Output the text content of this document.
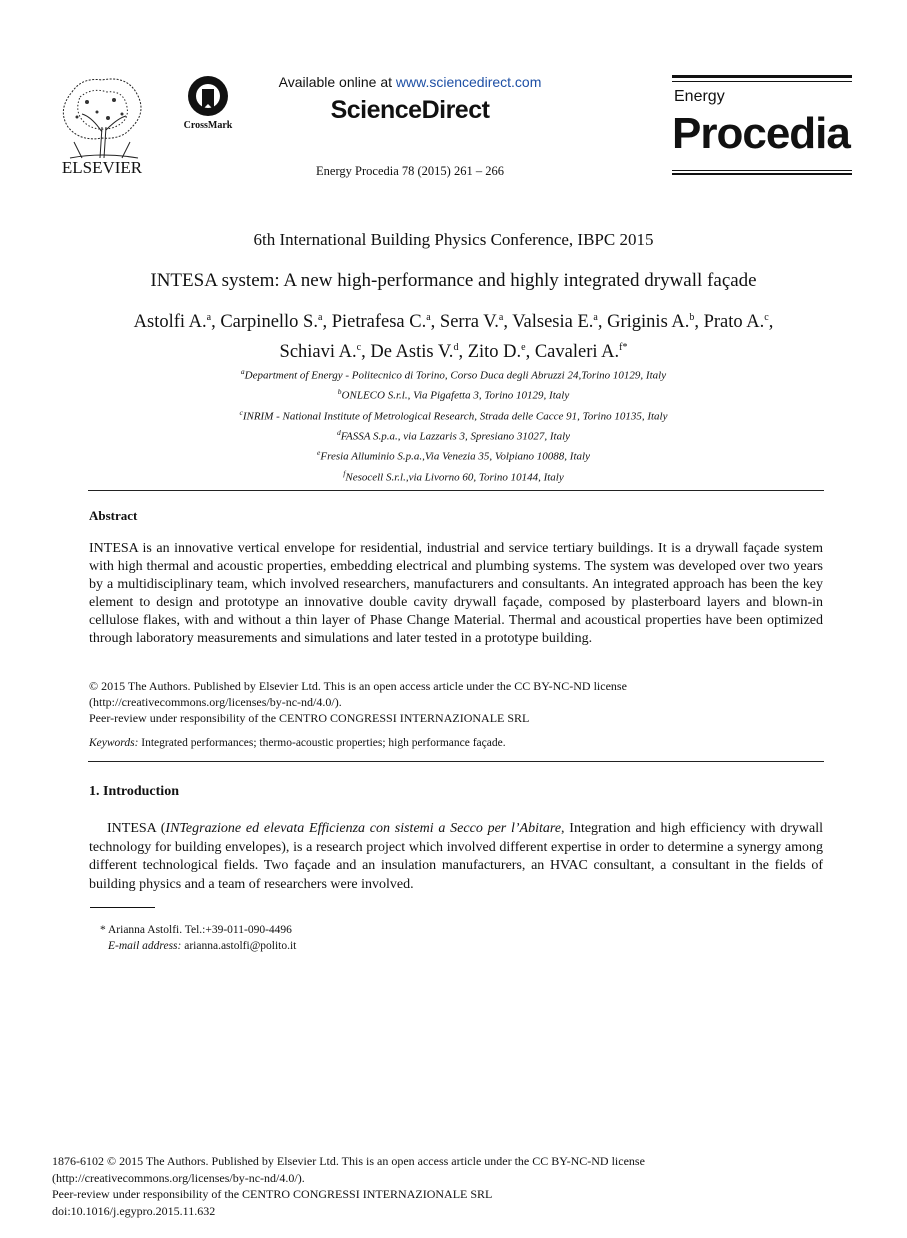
ELSEVIER
CrossMark
Available online at www.sciencedirect.com
ScienceDirect
Energy Procedia 78 (2015) 261 – 266
Energy
Procedia
6th International Building Physics Conference, IBPC 2015
INTESA system: A new high-performance and highly integrated drywall façade
Astolfi A.$^a$, Carpinello S.$^a$, Pietrafesa C.$^a$, Serra V.$^a$, Valsesia E.$^a$, Griginis A.$^b$, Prato A.$^c$,
Schiavi A.$^c$, De Astis V.$^d$, Zito D.$^e$, Cavaleri A.$^{f*}$
$^a$Department of Energy - Politecnico di Torino, Corso Duca degli Abruzzi 24,Torino 10129, Italy
$^b$ONLECO S.r.l., Via Pigafetta 3, Torino 10129, Italy
$^c$INRIM - National Institute of Metrological Research, Strada delle Cacce 91, Torino 10135, Italy
$^d$FASSA S.p.a., via Lazzaris 3, Spresiano 31027, Italy
$^e$Fresia Alluminio S.p.a.,Via Venezia 35, Volpiano 10088, Italy
$^f$Nesocell S.r.l.,via Livorno 60, Torino 10144, Italy
Abstract
INTESA is an innovative vertical envelope for residential, industrial and service tertiary buildings. It is a drywall façade system with high thermal and acoustic properties, embedding electrical and plumbing systems. The system was developed over two years by a multidisciplinary team, which involved researchers, manufacturers and consultants. An integrated approach has been the key element to design and prototype an innovative double cavity drywall façade, composed by plasterboard layers and blown-in cellulose flakes, with and without a thin layer of Phase Change Material. Thermal and acoustical properties have been optimized through laboratory measurements and simulations and later tested in a prototype building.
© 2015 The Authors. Published by Elsevier Ltd. This is an open access article under the CC BY-NC-ND license
(http://creativecommons.org/licenses/by-nc-nd/4.0/).
Peer-review under responsibility of the CENTRO CONGRESSI INTERNAZIONALE SRL
Keywords: Integrated performances; thermo-acoustic properties; high performance façade.
1. Introduction
INTESA (INTegrazione ed elevata Efficienza con sistemi a Secco per l’Abitare, Integration and high efficiency with drywall technology for building envelopes), is a research project which involved different expertise in order to determine a synergy among different technological fields. Two façade and an insulation manufacturers, an HVAC consultant, a consultant in the fields of building physics and a team of researchers were involved.
* Arianna Astolfi. Tel.:+39-011-090-4496
E-mail address: arianna.astolfi@polito.it
1876-6102 © 2015 The Authors. Published by Elsevier Ltd. This is an open access article under the CC BY-NC-ND license
(http://creativecommons.org/licenses/by-nc-nd/4.0/).
Peer-review under responsibility of the CENTRO CONGRESSI INTERNAZIONALE SRL
doi:10.1016/j.egypro.2015.11.632
